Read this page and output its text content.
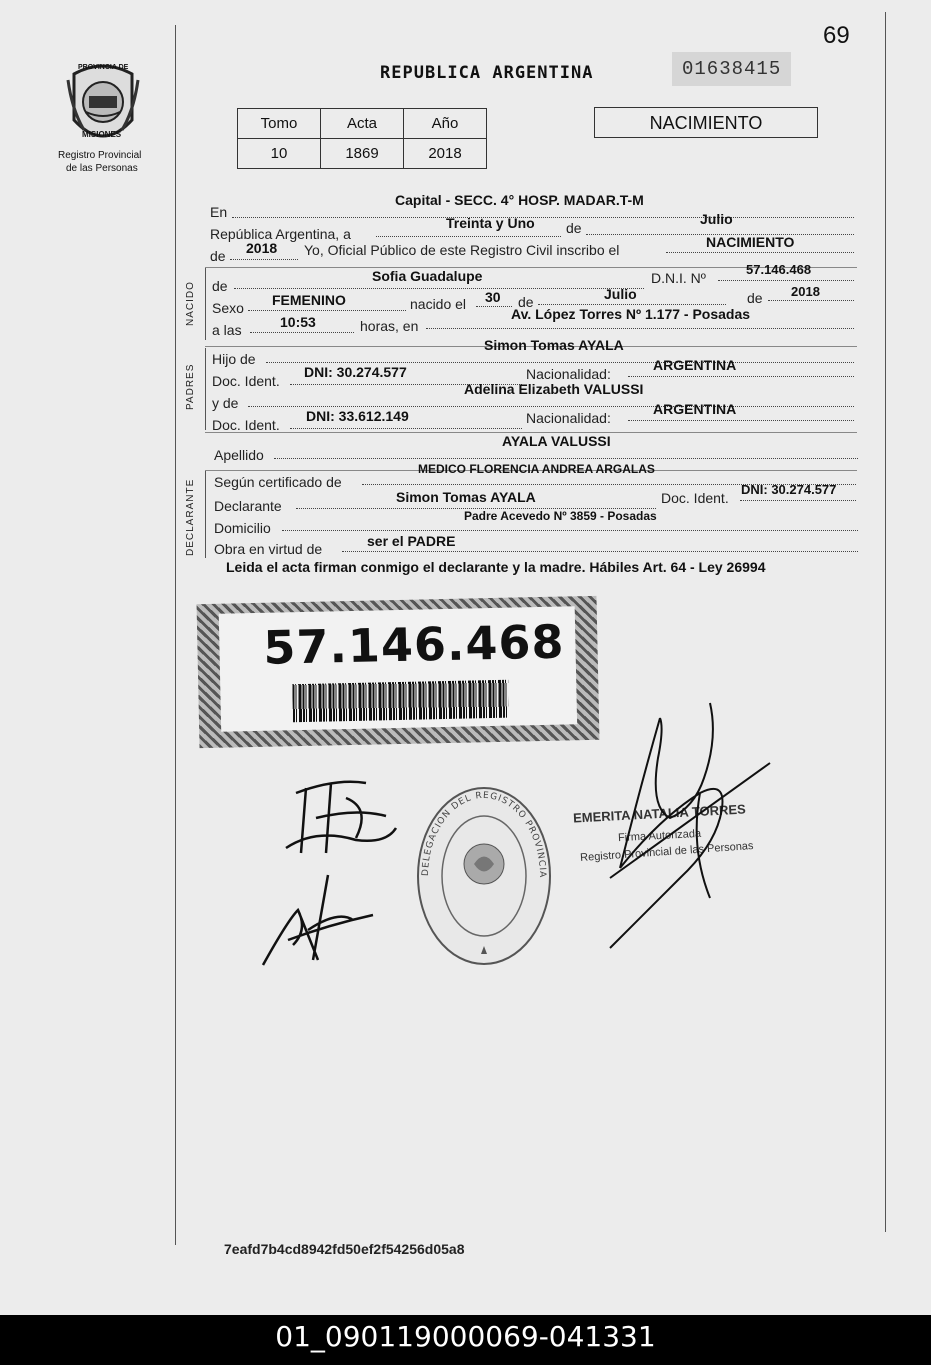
69
PROVINCIA DE
MISIONES
Registro Provincial
de las Personas
REPUBLICA ARGENTINA	01638415
Tomo	Acta	Año
10	1869	2018
NACIMIENTO
NACIDO
PADRES
DECLARANTE
En
Capital - SECC. 4° HOSP. MADAR.T-M
República Argentina, a
Treinta y Uno de
Julio
de 2018 Yo, Oficial Público de este Registro Civil inscribo el	NACIMIENTO
de
Sofia Guadalupe	D.N.I. Nº
57.146.468
Sexo FEMENINO	nacido el 30 de	Julio	de 2018
a las	10:53	horas, en
Av. López Torres Nº 1.177 - Posadas
Hijo de
Simon Tomas AYALA
Doc. Ident.
DNI: 30.274.577	Nacionalidad:
ARGENTINA
y de
Adelina Elizabeth VALUSSI
Doc. Ident.
DNI: 33.612.149	Nacionalidad:
ARGENTINA
Apellido
AYALA VALUSSI
Según certificado de
MEDICO FLORENCIA ANDREA ARGALAS
Declarante
Simon Tomas AYALA	Doc. Ident.
DNI: 30.274.577
Domicilio
Padre Acevedo Nº 3859 - Posadas
Obra en virtud de	ser el PADRE
Leida el acta firman conmigo el declarante y la madre. Hábiles Art. 64 - Ley 26994
57.146.468
DELEGACION DEL REGISTRO PROVINCIA
EMERITA NATALIA TORRES
Firma Autorizada
Registro Provincial de las Personas
7eafd7b4cd8942fd50ef2f54256d05a8
01_090119000069-041331
